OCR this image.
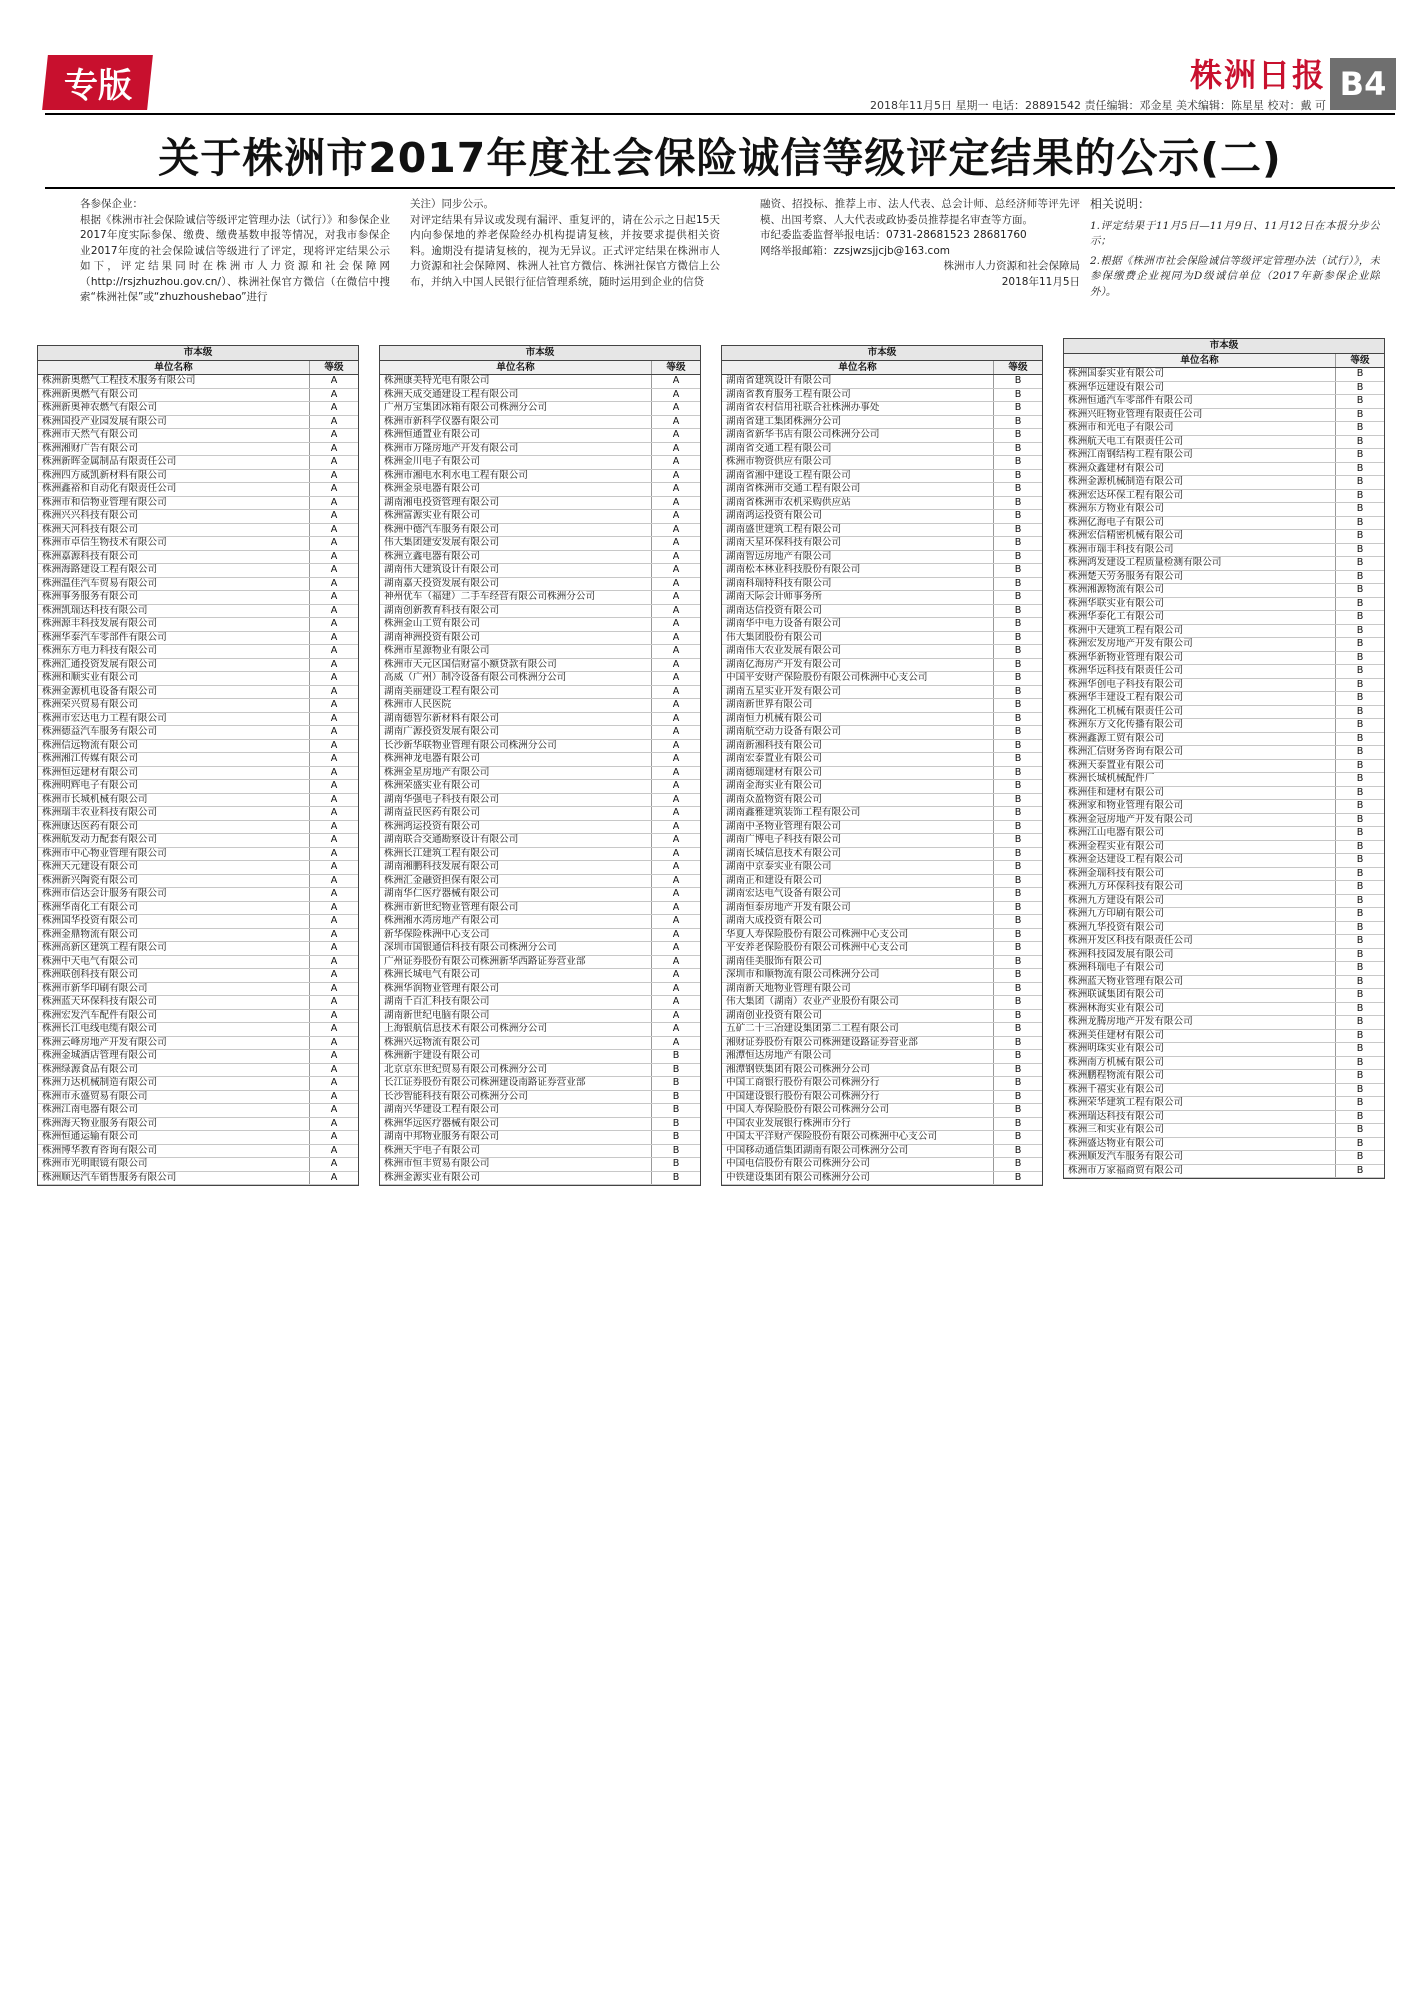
专版	株洲日报 B4
2018年11月5日 星期一 电话：28891542 责任编辑：邓金星 美术编辑：陈星星 校对：戴 可
关于株洲市2017年度社会保险诚信等级评定结果的公示(二)

各参保企业：
根据《株洲市社会保险诚信等级评定管理办法（试行）》和参保企业2017年度实际参保、缴费、缴费基数申报等情况，对我市参保企业2017年度的社会保险诚信等级进行了评定，现将评定结果公示如下，评定结果同时在株洲市人力资源和社会保障网（http://rsjzhuzhou.gov.cn/）、株洲社保官方微信（在微信中搜索“株洲社保”或“zhuzhoushebao”进行

关注）同步公示。
对评定结果有异议或发现有漏评、重复评的，请在公示之日起15天内向参保地的养老保险经办机构提请复核，并按要求提供相关资料。逾期没有提请复核的，视为无异议。正式评定结果在株洲市人力资源和社会保障网、株洲人社官方微信、株洲社保官方微信上公布，并纳入中国人民银行征信管理系统，随时运用到企业的信贷

融资、招投标、推荐上市、法人代表、总会计师、总经济师等评先评模、出国考察、人大代表或政协委员推荐提名审查等方面。
市纪委监委监督举报电话：0731-28681523 28681760
网络举报邮箱：zzsjwzsjjcjb@163.com

株洲市人力资源和社会保障局

2018年11月5日

相关说明：

1.评定结果于11月5日—11月9日、11月12日在本报分步公示；

2.根据《株洲市社会保险诚信等级评定管理办法（试行）》，未参保缴费企业视同为D级诚信单位（2017年新参保企业除外）。

市本级
单位名称	等级
株洲新奥燃气工程技术服务有限公司	A
株洲新奥燃气有限公司	A
株洲新奥神农燃气有限公司	A
株洲国投产业园发展有限公司	A
株洲市天然气有限公司	A
株洲湘财广告有限公司	A
株洲新晖金属制品有限责任公司	A
株洲四方威凯新材料有限公司	A
株洲鑫裕和自动化有限责任公司	A
株洲市和信物业管理有限公司	A
株洲兴兴科技有限公司	A
株洲天河科技有限公司	A
株洲市卓信生物技术有限公司	A
株洲嘉源科技有限公司	A
株洲海路建设工程有限公司	A
株洲温佳汽车贸易有限公司	A
株洲事务服务有限公司	A
株洲凯瑞达科技有限公司	A
株洲源丰科技发展有限公司	A
株洲华泰汽车零部件有限公司	A
株洲东方电力科技有限公司	A
株洲汇通投资发展有限公司	A
株洲和顺实业有限公司	A
株洲金源机电设备有限公司	A
株洲荣兴贸易有限公司	A
株洲市宏达电力工程有限公司	A
株洲德益汽车服务有限公司	A
株洲信远物流有限公司	A
株洲湘江传媒有限公司	A
株洲恒远建材有限公司	A
株洲明辉电子有限公司	A
株洲市长城机械有限公司	A
株洲瑞丰农业科技有限公司	A
株洲康达医药有限公司	A
株洲航发动力配套有限公司	A
株洲市中心物业管理有限公司	A
株洲天元建设有限公司	A
株洲新兴陶瓷有限公司	A
株洲市信达会计服务有限公司	A
株洲华南化工有限公司	A
株洲国华投资有限公司	A
株洲金鼎物流有限公司	A
株洲高新区建筑工程有限公司	A
株洲中天电气有限公司	A
株洲联创科技有限公司	A
株洲市新华印刷有限公司	A
株洲蓝天环保科技有限公司	A
株洲宏发汽车配件有限公司	A
株洲长江电线电缆有限公司	A
株洲云峰房地产开发有限公司	A
株洲金城酒店管理有限公司	A
株洲绿源食品有限公司	A
株洲力达机械制造有限公司	A
株洲市永盛贸易有限公司	A
株洲江南电器有限公司	A
株洲海天物业服务有限公司	A
株洲恒通运输有限公司	A
株洲博华教育咨询有限公司	A
株洲市光明眼镜有限公司	A
株洲顺达汽车销售服务有限公司	A
市本级
单位名称	等级
株洲康美特光电有限公司	A
株洲天成交通建设工程有限公司	A
广州万宝集团冰箱有限公司株洲分公司	A
株洲市新科学仪器有限公司	A
株洲恒通置业有限公司	A
株洲市万隆房地产开发有限公司	A
株洲金川电子有限公司	A
株洲市湘电水利水电工程有限公司	A
株洲金泉电器有限公司	A
湖南湘电投资管理有限公司	A
株洲富源实业有限公司	A
株洲中德汽车服务有限公司	A
伟大集团建安发展有限公司	A
株洲立鑫电器有限公司	A
湖南伟大建筑设计有限公司	A
湖南嘉天投资发展有限公司	A
神州优车（福建）二手车经营有限公司株洲分公司	A
湖南创新教育科技有限公司	A
株洲金山工贸有限公司	A
湖南神洲投资有限公司	A
株洲市星源物业有限公司	A
株洲市天元区国信财富小额贷款有限公司	A
高威（广州）制冷设备有限公司株洲分公司	A
湖南美丽建设工程有限公司	A
株洲市人民医院	A
湖南德智尔新材料有限公司	A
湖南广源投资发展有限公司	A
长沙新华联物业管理有限公司株洲分公司	A
株洲神龙电器有限公司	A
株洲金星房地产有限公司	A
株洲荣盛实业有限公司	A
湖南华强电子科技有限公司	A
湖南益民医药有限公司	A
株洲鸿运投资有限公司	A
湖南联合交通勘察设计有限公司	A
株洲长江建筑工程有限公司	A
湖南湘鹏科技发展有限公司	A
株洲汇金融资担保有限公司	A
湖南华仁医疗器械有限公司	A
株洲市新世纪物业管理有限公司	A
株洲湘水湾房地产有限公司	A
新华保险株洲中心支公司	A
深圳市国银通信科技有限公司株洲分公司	A
广州证券股份有限公司株洲新华西路证券营业部	A
株洲长城电气有限公司	A
株洲华润物业管理有限公司	A
湖南千百汇科技有限公司	A
湖南新世纪电脑有限公司	A
上海银航信息技术有限公司株洲分公司	A
株洲兴远物流有限公司	A
株洲新宇建设有限公司	B
北京京东世纪贸易有限公司株洲分公司	B
长江证券股份有限公司株洲建设南路证券营业部	B
长沙智能科技有限公司株洲分公司	B
湖南兴华建设工程有限公司	B
株洲华远医疗器械有限公司	B
湖南中邦物业服务有限公司	B
株洲天宇电子有限公司	B
株洲市恒丰贸易有限公司	B
株洲金源实业有限公司	B
市本级
单位名称	等级
湖南省建筑设计有限公司	B
湖南省教育服务工程有限公司	B
湖南省农村信用社联合社株洲办事处	B
湖南省建工集团株洲分公司	B
湖南省新华书店有限公司株洲分公司	B
湖南省交通工程有限公司	B
株洲市物资供应有限公司	B
湖南省湘中建设工程有限公司	B
湖南省株洲市交通工程有限公司	B
湖南省株洲市农机采购供应站	B
湖南鸿运投资有限公司	B
湖南盛世建筑工程有限公司	B
湖南天星环保科技有限公司	B
湖南智远房地产有限公司	B
湖南松本林业科技股份有限公司	B
湖南科瑞特科技有限公司	B
湖南天际会计师事务所	B
湖南达信投资有限公司	B
湖南华中电力设备有限公司	B
伟大集团股份有限公司	B
湖南伟大农业发展有限公司	B
湖南亿海房产开发有限公司	B
中国平安财产保险股份有限公司株洲中心支公司	B
湖南五星实业开发有限公司	B
湖南新世界有限公司	B
湖南恒力机械有限公司	B
湖南航空动力设备有限公司	B
湖南新湘科技有限公司	B
湖南宏泰置业有限公司	B
湖南德瑞建材有限公司	B
湖南金海实业有限公司	B
湖南众盈物资有限公司	B
湖南鑫雅建筑装饰工程有限公司	B
湖南中圣物业管理有限公司	B
湖南广博电子科技有限公司	B
湖南长城信息技术有限公司	B
湖南中京泰实业有限公司	B
湖南正和建设有限公司	B
湖南宏达电气设备有限公司	B
湖南恒泰房地产开发有限公司	B
湖南大成投资有限公司	B
华夏人寿保险股份有限公司株洲中心支公司	B
平安养老保险股份有限公司株洲中心支公司	B
湖南佳美服饰有限公司	B
深圳市和顺物流有限公司株洲分公司	B
湖南新天地物业管理有限公司	B
伟大集团（湖南）农业产业股份有限公司	B
湖南创业投资有限公司	B
五矿二十三冶建设集团第二工程有限公司	B
湘财证券股份有限公司株洲建设路证券营业部	B
湘潭恒达房地产有限公司	B
湘潭钢铁集团有限公司株洲分公司	B
中国工商银行股份有限公司株洲分行	B
中国建设银行股份有限公司株洲分行	B
中国人寿保险股份有限公司株洲分公司	B
中国农业发展银行株洲市分行	B
中国太平洋财产保险股份有限公司株洲中心支公司	B
中国移动通信集团湖南有限公司株洲分公司	B
中国电信股份有限公司株洲分公司	B
中铁建设集团有限公司株洲分公司	B
市本级
单位名称	等级
株洲国泰实业有限公司	B
株洲华远建设有限公司	B
株洲恒通汽车零部件有限公司	B
株洲兴旺物业管理有限责任公司	B
株洲市和光电子有限公司	B
株洲航天电工有限责任公司	B
株洲江南钢结构工程有限公司	B
株洲众鑫建材有限公司	B
株洲金源机械制造有限公司	B
株洲宏达环保工程有限公司	B
株洲东方物业有限公司	B
株洲亿海电子有限公司	B
株洲宏信精密机械有限公司	B
株洲市瑞丰科技有限公司	B
株洲鸿发建设工程质量检测有限公司	B
株洲楚天劳务服务有限公司	B
株洲湘源物流有限公司	B
株洲华联实业有限公司	B
株洲华泰化工有限公司	B
株洲中天建筑工程有限公司	B
株洲宏发房地产开发有限公司	B
株洲华新物业管理有限公司	B
株洲华远科技有限责任公司	B
株洲华创电子科技有限公司	B
株洲华丰建设工程有限公司	B
株洲化工机械有限责任公司	B
株洲东方文化传播有限公司	B
株洲鑫源工贸有限公司	B
株洲汇信财务咨询有限公司	B
株洲天泰置业有限公司	B
株洲长城机械配件厂	B
株洲佳和建材有限公司	B
株洲家和物业管理有限公司	B
株洲金冠房地产开发有限公司	B
株洲江山电器有限公司	B
株洲金程实业有限公司	B
株洲金达建设工程有限公司	B
株洲金瑞科技有限公司	B
株洲九方环保科技有限公司	B
株洲九方建设有限公司	B
株洲九方印刷有限公司	B
株洲九华投资有限公司	B
株洲开发区科技有限责任公司	B
株洲科技园发展有限公司	B
株洲科瑞电子有限公司	B
株洲蓝天物业管理有限公司	B
株洲联诚集团有限公司	B
株洲林海实业有限公司	B
株洲龙腾房地产开发有限公司	B
株洲美佳建材有限公司	B
株洲明珠实业有限公司	B
株洲南方机械有限公司	B
株洲鹏程物流有限公司	B
株洲千禧实业有限公司	B
株洲荣华建筑工程有限公司	B
株洲瑞达科技有限公司	B
株洲三和实业有限公司	B
株洲盛达物业有限公司	B
株洲顺发汽车服务有限公司	B
株洲市万家福商贸有限公司	B
